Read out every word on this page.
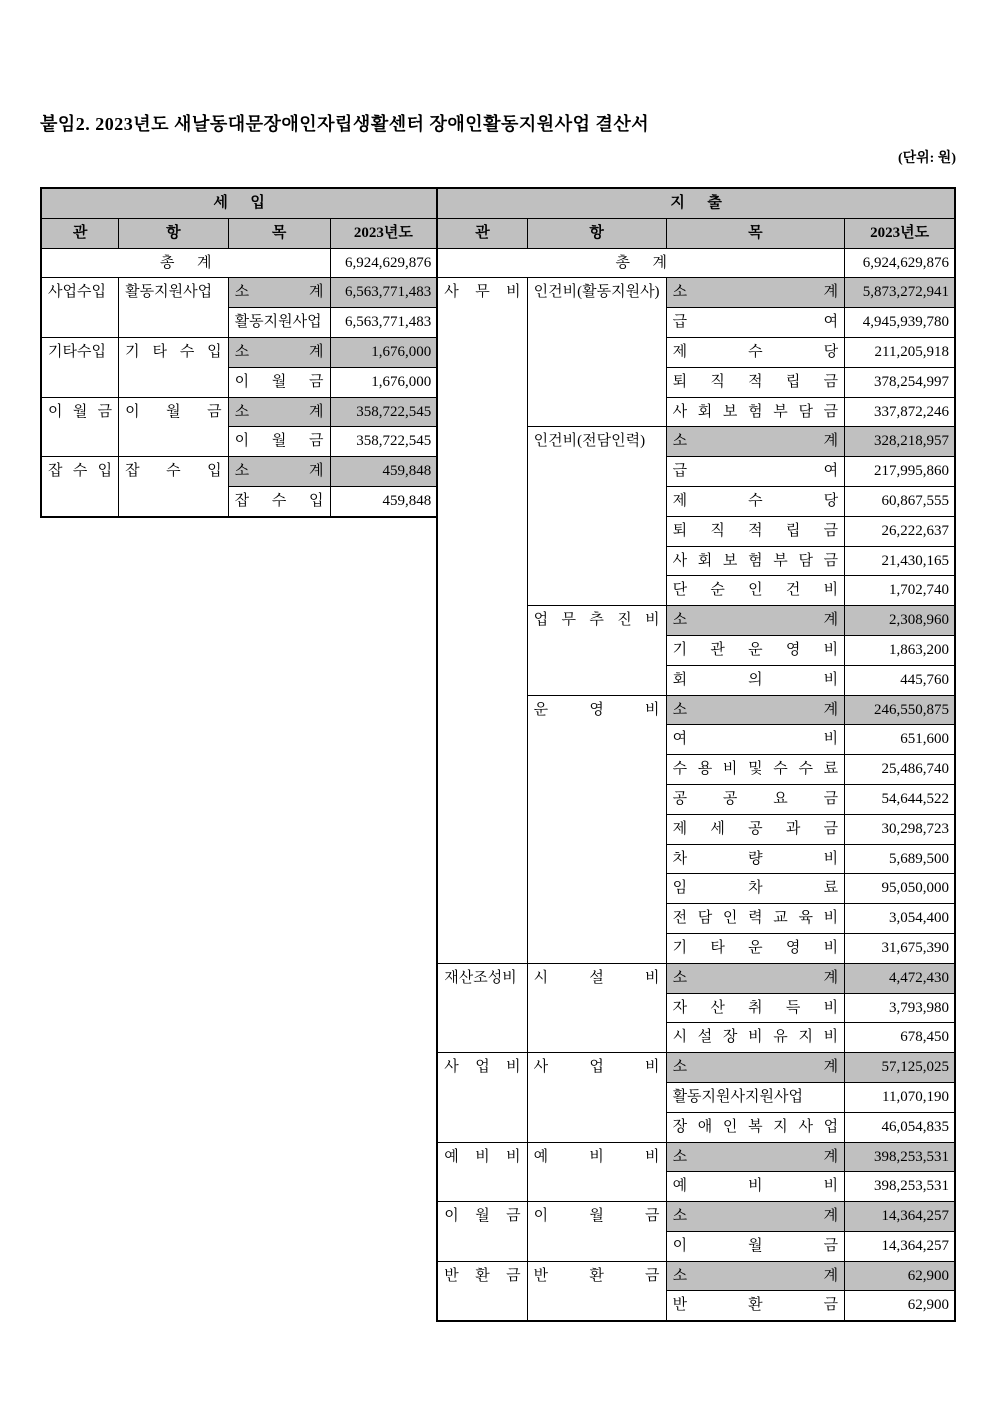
붙임2. 2023년도 새날동대문장애인자립생활센터 장애인활동지원사업 결산서
(단위: 원)
세      입			
관	항	목	2023년도
총      계			6,924,629,876
사업수입	활동지원사업	소 계	6,563,771,483
		활동지원사업	6,563,771,483
기타수입	기 타 수 입	소 계	1,676,000
		이 월 금	1,676,000
이 월 금	이 월 금	소 계	358,722,545
		이 월 금	358,722,545
잡 수 입	잡 수 입	소 계	459,848
		잡 수 입	459,848
지      출			
관	항	목	2023년도
총      계			6,924,629,876
사 무 비	인건비(활동지원사)	소 계	5,873,272,941
		급 여	4,945,939,780
		제 수 당	211,205,918
		퇴 직 적 립 금	378,254,997
		사 회 보 험 부 담 금	337,872,246
	인건비(전담인력)	소 계	328,218,957
		급 여	217,995,860
		제 수 당	60,867,555
		퇴 직 적 립 금	26,222,637
		사 회 보 험 부 담 금	21,430,165
		단 순 인 건 비	1,702,740
	업 무 추 진 비	소 계	2,308,960
		기 관 운 영 비	1,863,200
		회 의 비	445,760
	운 영 비	소 계	246,550,875
		여 비	651,600
		수 용 비 및 수 수 료	25,486,740
		공 공 요 금	54,644,522
		제 세 공 과 금	30,298,723
		차 량 비	5,689,500
		임 차 료	95,050,000
		전 담 인 력 교 육 비	3,054,400
		기 타 운 영 비	31,675,390
재산조성비	시 설 비	소 계	4,472,430
		자 산 취 득 비	3,793,980
		시 설 장 비 유 지 비	678,450
사 업 비	사 업 비	소 계	57,125,025
		활동지원사지원사업	11,070,190
		장 애 인 복 지 사 업	46,054,835
예 비 비	예 비 비	소 계	398,253,531
		예 비 비	398,253,531
이 월 금	이 월 금	소 계	14,364,257
		이 월 금	14,364,257
반 환 금	반 환 금	소 계	62,900
		반 환 금	62,900
